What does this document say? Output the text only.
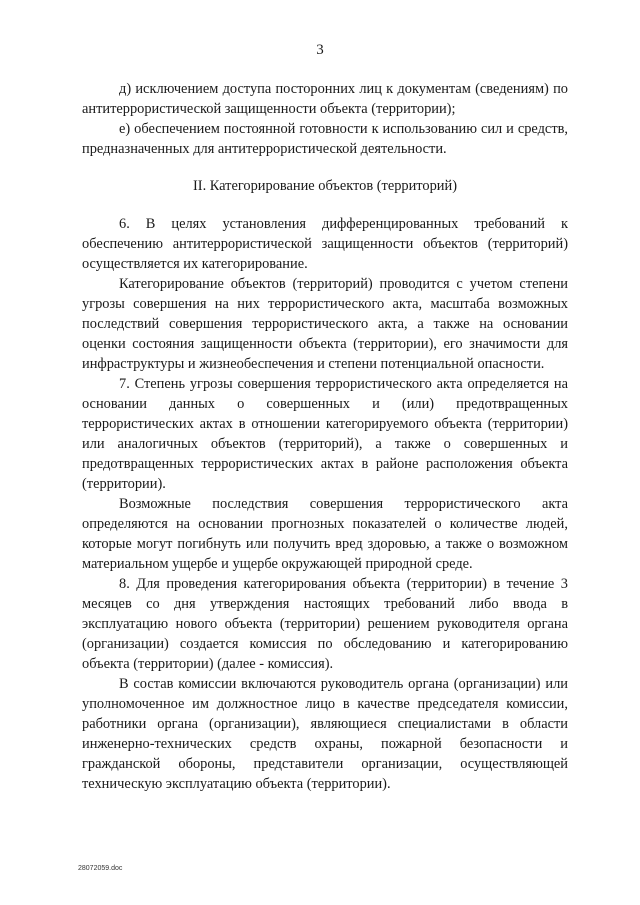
3

д) исключением доступа посторонних лиц к документам (сведениям) по антитеррористической защищенности объекта (территории);

е) обеспечением постоянной готовности к использованию сил и средств, предназначенных для антитеррористической деятельности.

II. Категорирование объектов (территорий)

6. В целях установления дифференцированных требований к обеспечению антитеррористической защищенности объектов (территорий) осуществляется их категорирование.

Категорирование объектов (территорий) проводится с учетом степени угрозы совершения на них террористического акта, масштаба возможных последствий совершения террористического акта, а также на основании оценки состояния защищенности объекта (территории), его значимости для инфраструктуры и жизнеобеспечения и степени потенциальной опасности.

7. Степень угрозы совершения террористического акта определяется на основании данных о совершенных и (или) предотвращенных террористических актах в отношении категорируемого объекта (территории) или аналогичных объектов (территорий), а также о совершенных и предотвращенных террористических актах в районе расположения объекта (территории).

Возможные последствия совершения террористического акта определяются на основании прогнозных показателей о количестве людей, которые могут погибнуть или получить вред здоровью, а также о возможном материальном ущербе и ущербе окружающей природной среде.

8. Для проведения категорирования объекта (территории) в течение 3 месяцев со дня утверждения настоящих требований либо ввода в эксплуатацию нового объекта (территории) решением руководителя органа (организации) создается комиссия по обследованию и категорированию объекта (территории) (далее - комиссия).

В состав комиссии включаются руководитель органа (организации) или уполномоченное им должностное лицо в качестве председателя комиссии, работники органа (организации), являющиеся специалистами в области инженерно-технических средств охраны, пожарной безопасности и гражданской обороны, представители организации, осуществляющей техническую эксплуатацию объекта (территории).

28072059.doc
